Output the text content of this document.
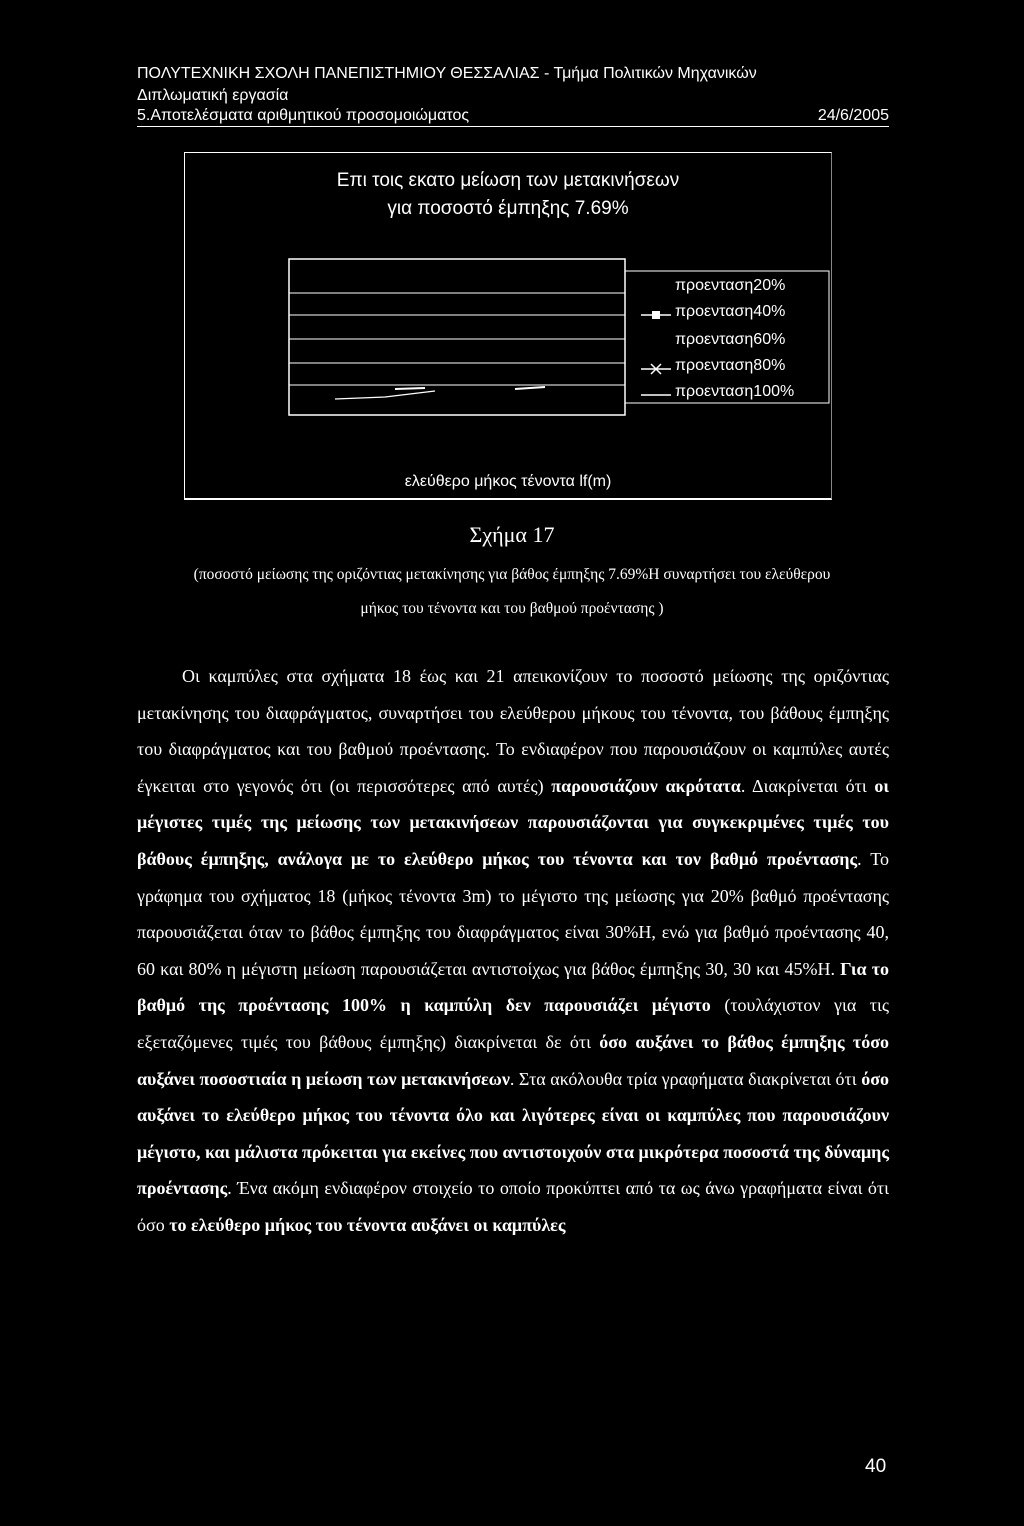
ΠΟΛΥΤΕΧΝΙΚΗ ΣΧΟΛΗ ΠΑΝΕΠΙΣΤΗΜΙΟΥ ΘΕΣΣΑΛΙΑΣ - Τμήμα Πολιτικών Μηχανικών
Διπλωματική εργασία
5.Αποτελέσματα αριθμητικού προσομοιώματος	24/6/2005
Επι τοις εκατο μείωση των μετακινήσεων
για ποσοστό έμπηξης 7.69%
προενταση20%
προενταση40%
προενταση60%
προενταση80%
προενταση100%
ελεύθερο μήκος τένοντα lf(m)
Σχήμα 17
(ποσοστό μείωσης της οριζόντιας μετακίνησης για βάθος έμπηξης 7.69%Η συναρτήσει του ελεύθερου
μήκος του τένοντα και του βαθμού προέντασης )

Οι καμπύλες στα σχήματα 18 έως και 21 απεικονίζουν το ποσοστό μείωσης της οριζόντιας μετακίνησης του διαφράγματος, συναρτήσει του ελεύθερου μήκους του τένοντα, του βάθους έμπηξης του διαφράγματος και του βαθμού προέντασης. Το ενδιαφέρον που παρουσιάζουν οι καμπύλες αυτές έγκειται στο γεγονός ότι (οι περισσότερες από αυτές) παρουσιάζουν ακρότατα. Διακρίνεται ότι οι μέγιστες τιμές της μείωσης των μετακινήσεων παρουσιάζονται για συγκεκριμένες τιμές του βάθους έμπηξης, ανάλογα με το ελεύθερο μήκος του τένοντα και τον βαθμό προέντασης. Το γράφημα του σχήματος 18 (μήκος τένοντα 3m) το μέγιστο της μείωσης για 20% βαθμό προέντασης παρουσιάζεται όταν το βάθος έμπηξης του διαφράγματος είναι 30%Η, ενώ για βαθμό προέντασης 40, 60 και 80% η μέγιστη μείωση παρουσιάζεται αντιστοίχως για βάθος έμπηξης 30, 30 και 45%Η. Για το βαθμό της προέντασης 100% η καμπύλη δεν παρουσιάζει μέγιστο (τουλάχιστον για τις εξεταζόμενες τιμές του βάθους έμπηξης) διακρίνεται δε ότι όσο αυξάνει το βάθος έμπηξης τόσο αυξάνει ποσοστιαία η μείωση των μετακινήσεων. Στα ακόλουθα τρία γραφήματα διακρίνεται ότι όσο αυξάνει το ελεύθερο μήκος του τένοντα όλο και λιγότερες είναι οι καμπύλες που παρουσιάζουν μέγιστο, και μάλιστα πρόκειται για εκείνες που αντιστοιχούν στα μικρότερα ποσοστά της δύναμης προέντασης. Ένα ακόμη ενδιαφέρον στοιχείο το οποίο προκύπτει από τα ως άνω γραφήματα είναι ότι όσο το ελεύθερο μήκος του τένοντα αυξάνει οι καμπύλες

40
